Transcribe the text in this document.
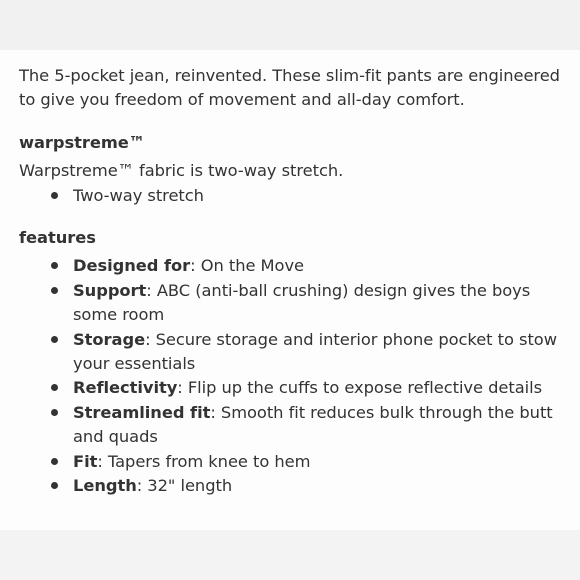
The 5-pocket jean, reinvented. These slim-fit pants are engineered to give you freedom of movement and all-day comfort.

warpstreme™

Warpstreme™ fabric is two-way stretch.

Two-way stretch
features
Designed for: On the Move
Support: ABC (anti-ball crushing) design gives the boys some room
Storage: Secure storage and interior phone pocket to stow your essentials
Reflectivity: Flip up the cuffs to expose reflective details
Streamlined fit: Smooth fit reduces bulk through the butt and quads
Fit: Tapers from knee to hem
Length: 32" length
